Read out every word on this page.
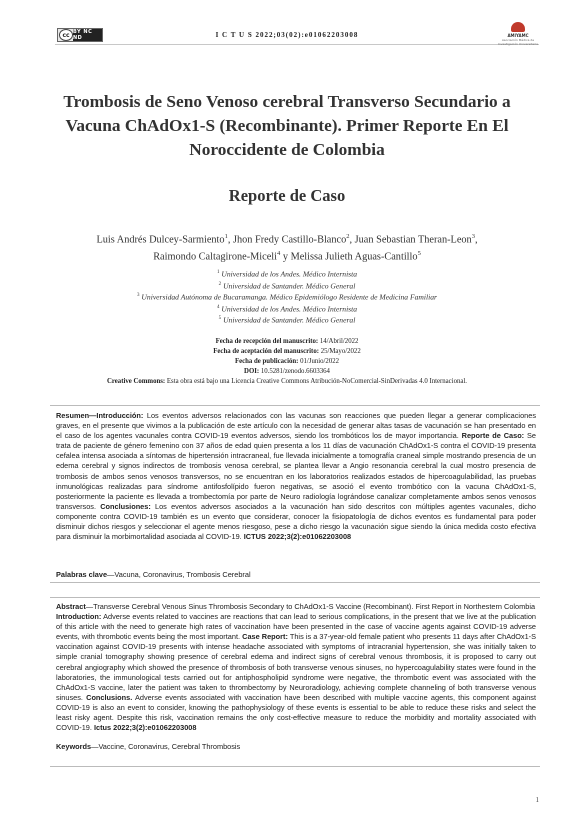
cc BY NC ND	I C T U S 2022;03(02):e01062203008	AMIYAMC
Asociación Médica de Investigación Universitaria
Trombosis de Seno Venoso cerebral Transverso Secundario a Vacuna ChAdOx1-S (Recombinante). Primer Reporte En El Noroccidente de Colombia
Reporte de Caso
Luis Andrés Dulcey-Sarmiento$^1$, Jhon Fredy Castillo-Blanco$^2$, Juan Sebastian Theran-Leon$^3$,
Raimondo Caltagirone-Miceli$^4$ y Melissa Julieth Aguas-Cantillo$^5$
$^1$ Universidad de los Andes. Médico Internista
$^2$ Universidad de Santander. Médico General
$^3$ Universidad Autónoma de Bucaramanga. Médico Epidemiólogo Residente de Medicina Familiar
$^4$ Universidad de los Andes. Médico Internista
$^5$ Universidad de Santander. Médico General
Fecha de recepción del manuscrito: 14/Abril/2022
Fecha de aceptación del manuscrito: 25/Mayo/2022
Fecha de publicación: 01/Junio/2022
DOI: 10.5281/zenodo.6603364
Creative Commons: Esta obra está bajo una Licencia Creative Commons Atribución-NoComercial-SinDerivadas 4.0 Internacional.
Resumen—Introducción: Los eventos adversos relacionados con las vacunas son reacciones que pueden llegar a generar complicaciones graves, en el presente que vivimos a la publicación de este artículo con la necesidad de generar altas tasas de vacunación se han presentado en el caso de los agentes vacunales contra COVID-19 eventos adversos, siendo los trombóticos los de mayor importancia. Reporte de Caso: Se trata de paciente de género femenino con 37 años de edad quien presenta a los 11 días de vacunación ChAdOx1-S contra el COVID-19 presenta cefalea intensa asociada a síntomas de hipertensión intracraneal, fue llevada inicialmente a tomografía craneal simple mostrando presencia de un edema cerebral y signos indirectos de trombosis venosa cerebral, se plantea llevar a Angio resonancia cerebral la cual mostro presencia de trombosis de ambos senos venosos transversos, no se encuentran en los laboratorios realizados estados de hipercoagulabilidad, las pruebas inmunológicas realizadas para síndrome antifosfolípido fueron negativas, se asoció el evento trombótico con la vacuna ChAdOx1-S, posteriormente la paciente es llevada a trombectomía por parte de Neuro radiología lográndose canalizar completamente ambos senos venosos transversos. Conclusiones: Los eventos adversos asociados a la vacunación han sido descritos con múltiples agentes vacunales, dicho componente contra COVID-19 también es un evento que considerar, conocer la fisiopatología de dichos eventos es fundamental para poder disminuir dichos riesgos y seleccionar el agente menos riesgoso, pese a dicho riesgo la vacunación sigue siendo la única medida costo efectiva para disminuir la morbimortalidad asociada al COVID-19. ICTUS 2022;3(2):e01062203008
Palabras clave—Vacuna, Coronavirus, Trombosis Cerebral
Abstract—Transverse Cerebral Venous Sinus Thrombosis Secondary to ChAdOx1-S Vaccine (Recombinant). First Report in Northestern Colombia
Introduction: Adverse events related to vaccines are reactions that can lead to serious complications, in the present that we live at the publication of this article with the need to generate high rates of vaccination have been presented in the case of vaccine agents against COVID-19 adverse events, with thrombotic events being the most important. Case Report: This is a 37-year-old female patient who presents 11 days after ChAdOx1-S vaccination against COVID-19 presents with intense headache associated with symptoms of intracranial hypertension, she was initially taken to simple cranial tomography showing presence of cerebral edema and indirect signs of cerebral venous thrombosis, it is proposed to carry out cerebral angiography which showed the presence of thrombosis of both transverse venous sinuses, no hypercoagulability states were found in the laboratories, the immunological tests carried out for antiphospholipid syndrome were negative, the thrombotic event was associated with the ChAdOx1-S vaccine, later the patient was taken to thrombectomy by Neuroradiology, achieving complete channeling of both transverse venous sinuses. Conclusions. Adverse events associated with vaccination have been described with multiple vaccine agents, this component against COVID-19 is also an event to consider, knowing the pathophysiology of these events is essential to be able to reduce these risks and select the least risky agent. Despite this risk, vaccination remains the only cost-effective measure to reduce the morbidity and mortality associated with COVID-19. Ictus 2022;3(2):e01062203008
Keywords—Vaccine, Coronavirus, Cerebral Thrombosis
1
